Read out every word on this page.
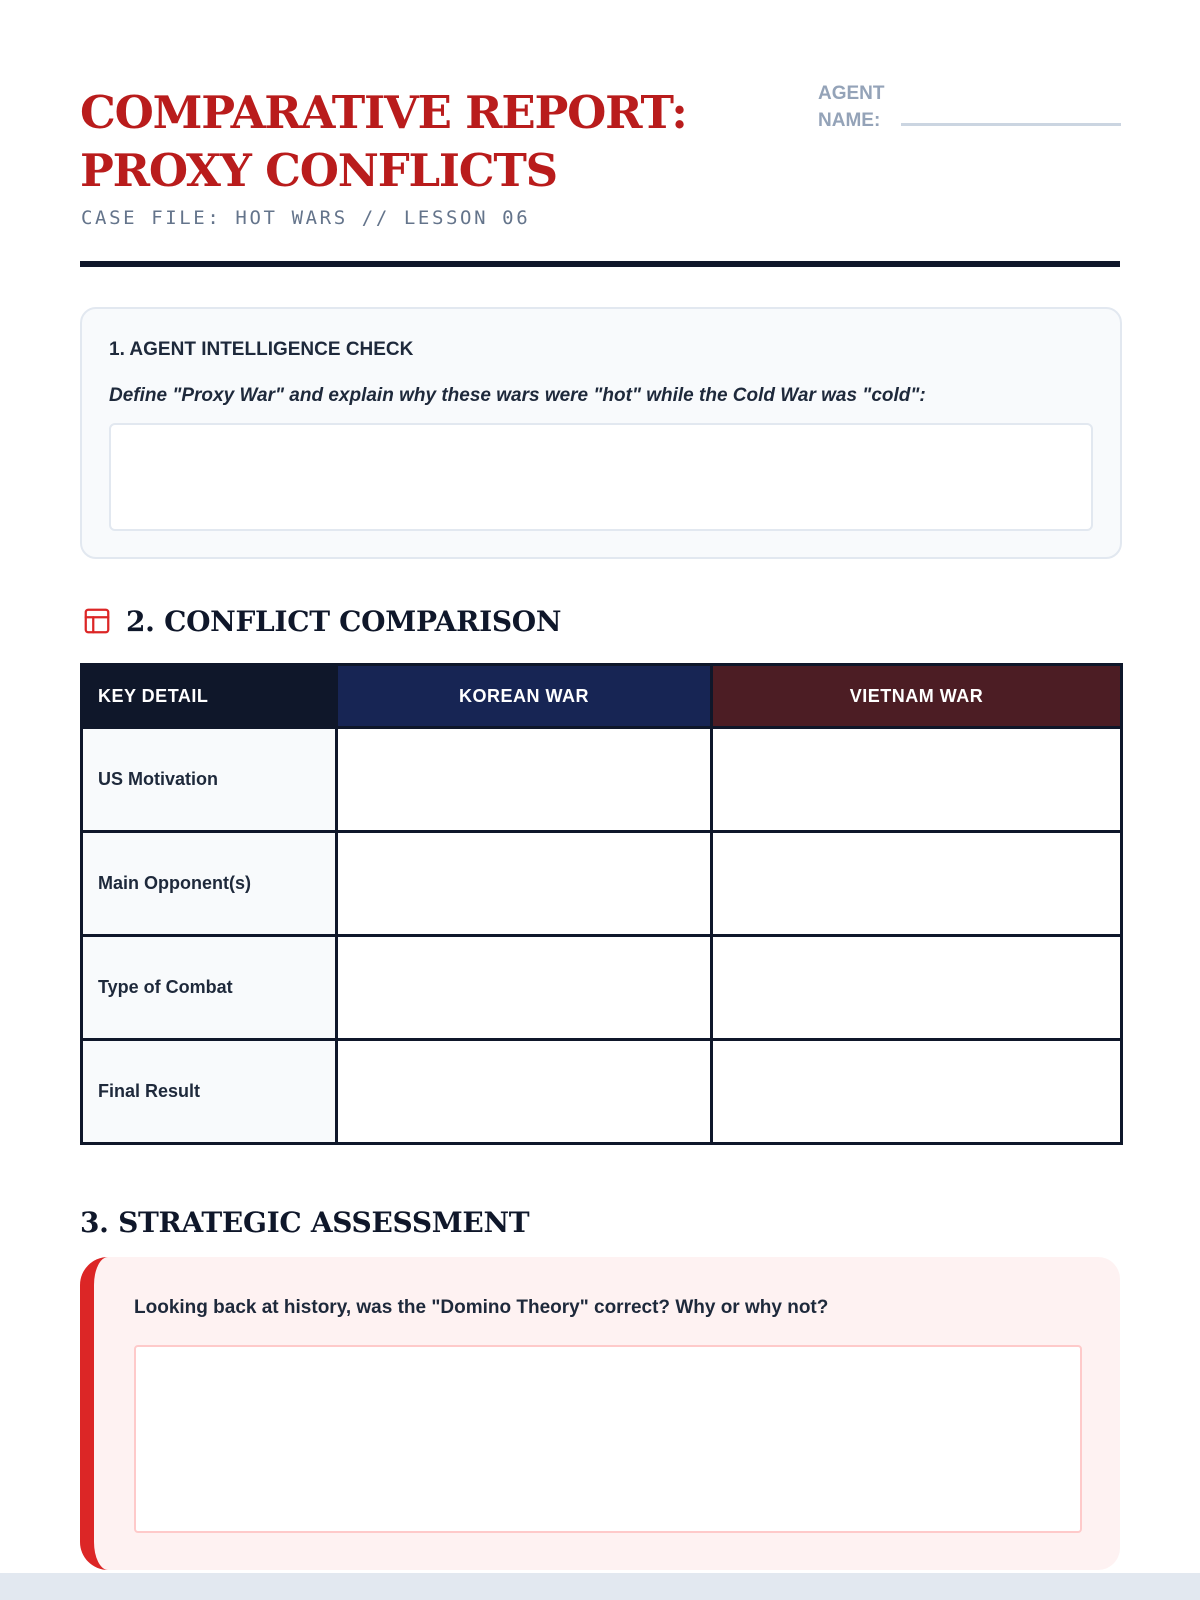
COMPARATIVE REPORT:
PROXY CONFLICTS
CASE FILE: HOT WARS // LESSON 06
AGENT
NAME:
1. AGENT INTELLIGENCE CHECK
Define "Proxy War" and explain why these wars were "hot" while the Cold War was "cold":
2. CONFLICT COMPARISON
KEY DETAIL	KOREAN WAR	VIETNAM WAR
US Motivation		
Main Opponent(s)		
Type of Combat		
Final Result		
3. STRATEGIC ASSESSMENT
Looking back at history, was the "Domino Theory" correct? Why or why not?
